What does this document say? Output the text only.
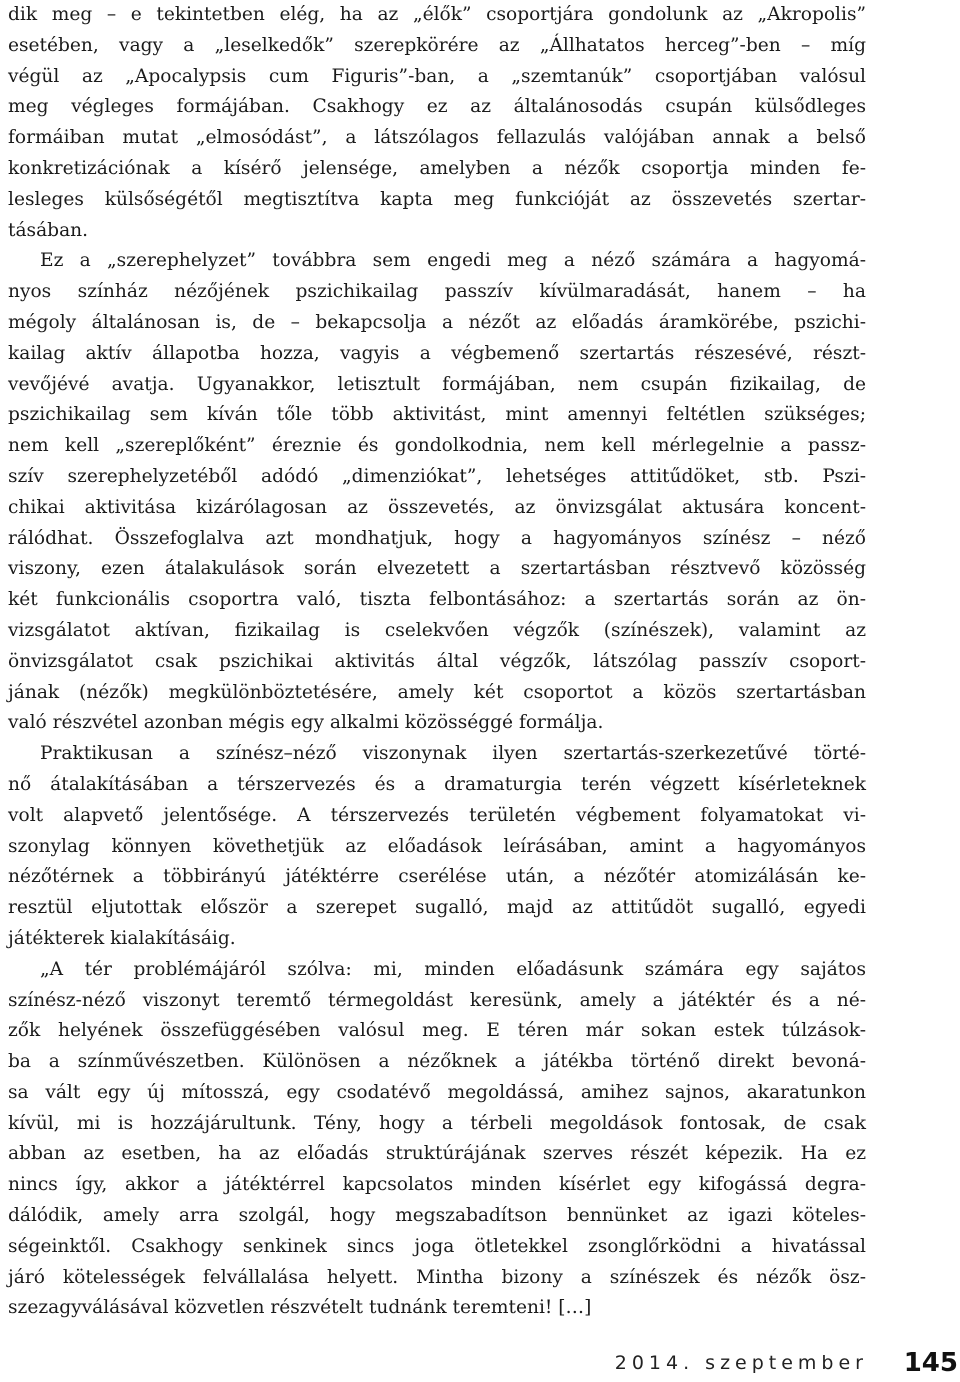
dik meg – e tekintetben elég, ha az „élők” csoportjára gondolunk az „Akropolis”
esetében, vagy a „leselkedők” szerepkörére az „Állhatatos herceg”-ben – míg
végül az „Apocalypsis cum Figuris”-ban, a „szemtanúk” csoportjában valósul
meg végleges formájában. Csakhogy ez az általánosodás csupán külsődleges
formáiban mutat „elmosódást”, a látszólagos fellazulás valójában annak a belső
konkretizációnak a kísérő jelensége, amelyben a nézők csoportja minden fe-
lesleges külsőségétől megtisztítva kapta meg funkcióját az összevetés szertar-
tásában.
Ez a „szerephelyzet” továbbra sem engedi meg a néző számára a hagyomá-
nyos színház nézőjének pszichikailag passzív kívülmaradását, hanem – ha
mégoly általánosan is, de – bekapcsolja a nézőt az előadás áramkörébe, pszichi-
kailag aktív állapotba hozza, vagyis a végbemenő szertartás részesévé, részt-
vevőjévé avatja. Ugyanakkor, letisztult formájában, nem csupán fizikailag, de
pszichikailag sem kíván tőle több aktivitást, mint amennyi feltétlen szükséges;
nem kell „szereplőként” éreznie és gondolkodnia, nem kell mérlegelnie a passz-
szív szerephelyzetéből adódó „dimenziókat”, lehetséges attitűdöket, stb. Pszi-
chikai aktivitása kizárólagosan az összevetés, az önvizsgálat aktusára koncent-
rálódhat. Összefoglalva azt mondhatjuk, hogy a hagyományos színész – néző
viszony, ezen átalakulások során elvezetett a szertartásban résztvevő közösség
két funkcionális csoportra való, tiszta felbontásához: a szertartás során az ön-
vizsgálatot aktívan, fizikailag is cselekvően végzők (színészek), valamint az
önvizsgálatot csak pszichikai aktivitás által végzők, látszólag passzív csoport-
jának (nézők) megkülönböztetésére, amely két csoportot a közös szertartásban
való részvétel azonban mégis egy alkalmi közösséggé formálja.
Praktikusan a színész–néző viszonynak ilyen szertartás-szerkezetűvé törté-
nő átalakításában a térszervezés és a dramaturgia terén végzett kísérleteknek
volt alapvető jelentősége. A térszervezés területén végbement folyamatokat vi-
szonylag könnyen követhetjük az előadások leírásában, amint a hagyományos
nézőtérnek a többirányú játéktérre cserélése után, a nézőtér atomizálásán ke-
resztül eljutottak először a szerepet sugalló, majd az attitűdöt sugalló, egyedi
játékterek kialakításáig.
„A tér problémájáról szólva: mi, minden előadásunk számára egy sajátos
színész-néző viszonyt teremtő térmegoldást keresünk, amely a játéktér és a né-
zők helyének összefüggésében valósul meg. E téren már sokan estek túlzások-
ba a színművészetben. Különösen a nézőknek a játékba történő direkt bevoná-
sa vált egy új mítosszá, egy csodatévő megoldássá, amihez sajnos, akaratunkon
kívül, mi is hozzájárultunk. Tény, hogy a térbeli megoldások fontosak, de csak
abban az esetben, ha az előadás struktúrájának szerves részét képezik. Ha ez
nincs így, akkor a játéktérrel kapcsolatos minden kísérlet egy kifogássá degra-
dálódik, amely arra szolgál, hogy megszabadítson bennünket az igazi köteles-
ségeinktől. Csakhogy senkinek sincs joga ötletekkel zsonglőrködni a hivatással
járó kötelességek felvállalása helyett. Mintha bizony a színészek és nézők ösz-
szezagyválásával közvetlen részvételt tudnánk teremteni! […]
2014. szeptember 145
